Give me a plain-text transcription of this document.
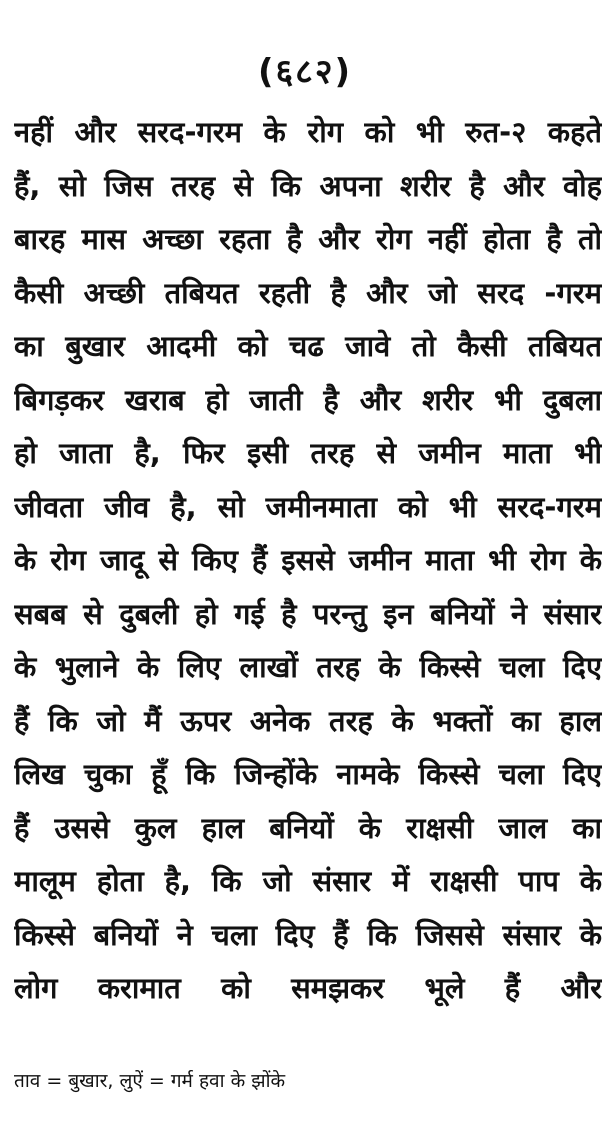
(६८२)
नहीं और सरद-गरम के रोग को भी रुत-२ कहते
हैं, सो जिस तरह से कि अपना शरीर है और वोह
बारह मास अच्छा रहता है और रोग नहीं होता है तो
कैसी अच्छी तबियत रहती है और जो सरद -गरम
का बुखार आदमी को चढ जावे तो कैसी तबियत
बिगड़कर खराब हो जाती है और शरीर भी दुबला
हो जाता है, फिर इसी तरह से जमीन माता भी
जीवता जीव है, सो जमीनमाता को भी सरद-गरम
के रोग जादू से किए हैं इससे जमीन माता भी रोग के
सबब से दुबली हो गई है परन्तु इन बनियों ने संसार
के भुलाने के लिए लाखों तरह के किस्से चला दिए
हैं कि जो मैं ऊपर अनेक तरह के भक्तों का हाल
लिख चुका हूँ कि जिन्होंके नामके किस्से चला दिए
हैं उससे कुल हाल बनियों के राक्षसी जाल का
मालूम होता है, कि जो संसार में राक्षसी पाप के
किस्से बनियों ने चला दिए हैं कि जिससे संसार के
लोग करामात को समझकर भूले हैं और
ताव = बुखार, लुऐं = गर्म हवा के झोंके
